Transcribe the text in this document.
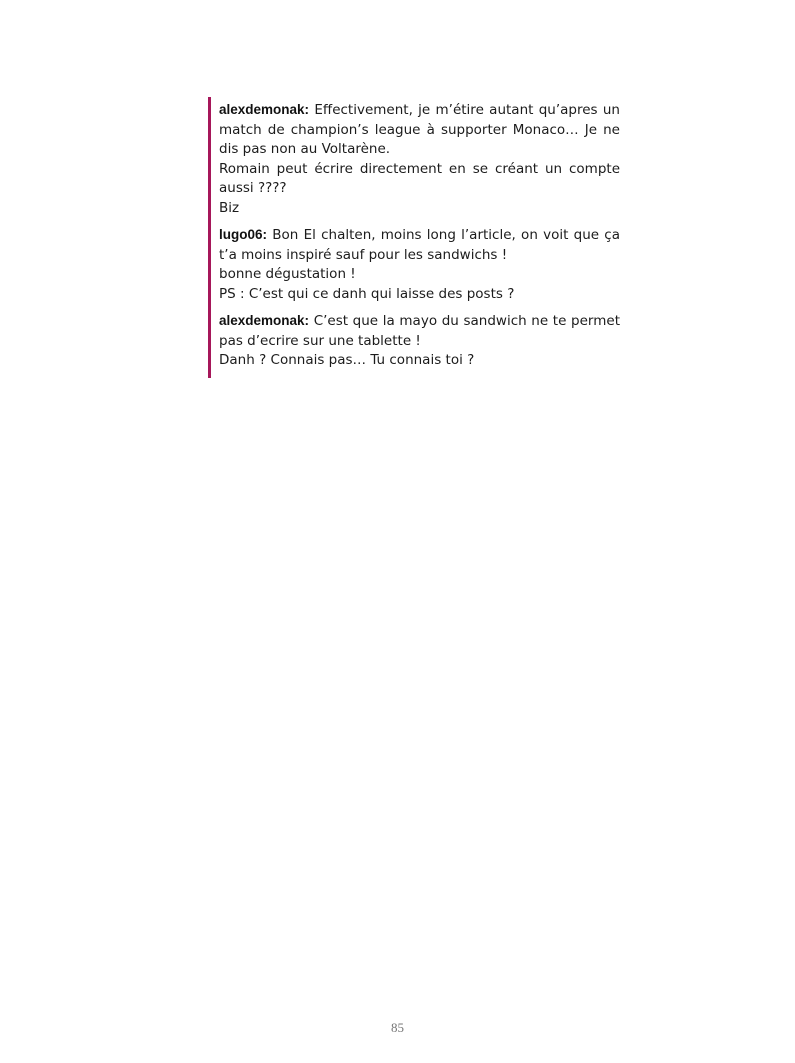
alexdemonak: Effectivement, je m’étire autant qu’apres un match de champion’s league à supporter Monaco… Je ne dis pas non au Voltarène.
Romain peut écrire directement en se créant un compte aussi ????
Biz
lugo06: Bon El chalten, moins long l’article, on voit que ça t’a moins inspiré sauf pour les sandwichs !
bonne dégustation !
PS : C’est qui ce danh qui laisse des posts ?
alexdemonak: C’est que la mayo du sandwich ne te permet pas d’ecrire sur une tablette !
Danh ? Connais pas… Tu connais toi ?
85
